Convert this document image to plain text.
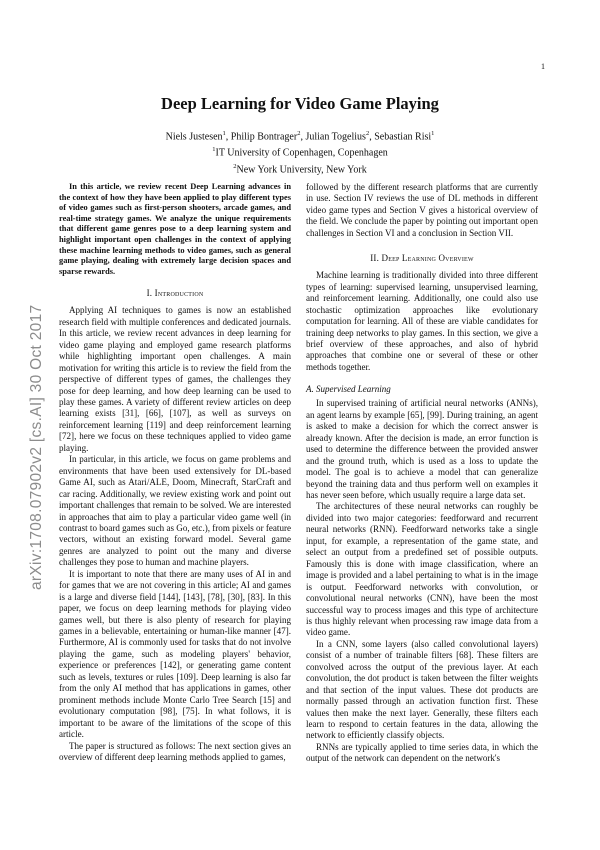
1
arXiv:1708.07902v2 [cs.AI] 30 Oct 2017
Deep Learning for Video Game Playing
Niels Justesen$^1$, Philip Bontrager$^2$, Julian Togelius$^2$, Sebastian Risi$^1$
$^1$IT University of Copenhagen, Copenhagen
$^2$New York University, New York

In this article, we review recent Deep Learning advances in the context of how they have been applied to play different types of video games such as first-person shooters, arcade games, and real-time strategy games. We analyze the unique requirements that different game genres pose to a deep learning system and highlight important open challenges in the context of applying these machine learning methods to video games, such as general game playing, dealing with extremely large decision spaces and sparse rewards.

I. Introduction

Applying AI techniques to games is now an established research field with multiple conferences and dedicated journals. In this article, we review recent advances in deep learning for video game playing and employed game research platforms while highlighting important open challenges. A main motivation for writing this article is to review the field from the perspective of different types of games, the challenges they pose for deep learning, and how deep learning can be used to play these games. A variety of different review articles on deep learning exists [31], [66], [107], as well as surveys on reinforcement learning [119] and deep reinforcement learning [72], here we focus on these techniques applied to video game playing.

In particular, in this article, we focus on game problems and environments that have been used extensively for DL-based Game AI, such as Atari/ALE, Doom, Minecraft, StarCraft and car racing. Additionally, we review existing work and point out important challenges that remain to be solved. We are interested in approaches that aim to play a particular video game well (in contrast to board games such as Go, etc.), from pixels or feature vectors, without an existing forward model. Several game genres are analyzed to point out the many and diverse challenges they pose to human and machine players.

It is important to note that there are many uses of AI in and for games that we are not covering in this article; AI and games is a large and diverse field [144], [143], [78], [30], [83]. In this paper, we focus on deep learning methods for playing video games well, but there is also plenty of research for playing games in a believable, entertaining or human-like manner [47]. Furthermore, AI is commonly used for tasks that do not involve playing the game, such as modeling players' behavior, experience or preferences [142], or generating game content such as levels, textures or rules [109]. Deep learning is also far from the only AI method that has applications in games, other prominent methods include Monte Carlo Tree Search [15] and evolutionary computation [98], [75]. In what follows, it is important to be aware of the limitations of the scope of this article.

The paper is structured as follows: The next section gives an overview of different deep learning methods applied to games,

followed by the different research platforms that are currently in use. Section IV reviews the use of DL methods in different video game types and Section V gives a historical overview of the field. We conclude the paper by pointing out important open challenges in Section VI and a conclusion in Section VII.

II. Deep Learning Overview

Machine learning is traditionally divided into three different types of learning: supervised learning, unsupervised learning, and reinforcement learning. Additionally, one could also use stochastic optimization approaches like evolutionary computation for learning. All of these are viable candidates for training deep networks to play games. In this section, we give a brief overview of these approaches, and also of hybrid approaches that combine one or several of these or other methods together.

A. Supervised Learning

In supervised training of artificial neural networks (ANNs), an agent learns by example [65], [99]. During training, an agent is asked to make a decision for which the correct answer is already known. After the decision is made, an error function is used to determine the difference between the provided answer and the ground truth, which is used as a loss to update the model. The goal is to achieve a model that can generalize beyond the training data and thus perform well on examples it has never seen before, which usually require a large data set.

The architectures of these neural networks can roughly be divided into two major categories: feedforward and recurrent neural networks (RNN). Feedforward networks take a single input, for example, a representation of the game state, and select an output from a predefined set of possible outputs. Famously this is done with image classification, where an image is provided and a label pertaining to what is in the image is output. Feedforward networks with convolution, or convolutional neural networks (CNN), have been the most successful way to process images and this type of architecture is thus highly relevant when processing raw image data from a video game.

In a CNN, some layers (also called convolutional layers) consist of a number of trainable filters [68]. These filters are convolved across the output of the previous layer. At each convolution, the dot product is taken between the filter weights and that section of the input values. These dot products are normally passed through an activation function first. These values then make the next layer. Generally, these filters each learn to respond to certain features in the data, allowing the network to efficiently classify objects.

RNNs are typically applied to time series data, in which the output of the network can dependent on the network's
